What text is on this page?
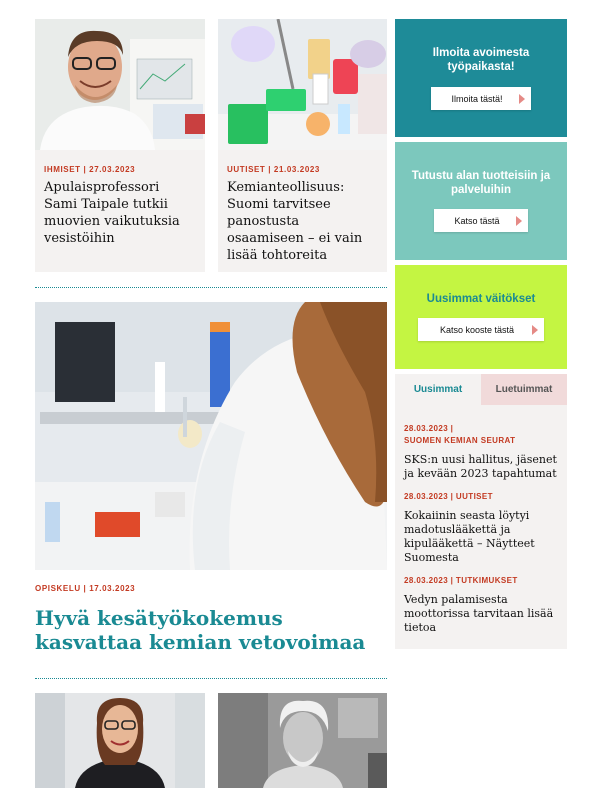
IHMISET | 27.03.2023
Apulaisprofessori Sami Taipale tutkii muovien vaikutuksia vesistöihin
UUTISET | 21.03.2023
Kemianteollisuus: Suomi tarvitsee panostusta osaamiseen – ei vain lisää tohtoreita
OPISKELU | 17.03.2023
Hyvä kesätyökokemus kasvattaa kemian vetovoimaa
Ilmoita avoimesta työpaikasta!
Ilmoita tästä!
Tutustu alan tuotteisiin ja palveluihin
Katso tästä
Uusimmat väitökset
Katso kooste tästä
Uusimmat	Luetuimmat
28.03.2023 |
SUOMEN KEMIAN SEURAT
SKS:n uusi hallitus, jäsenet ja kevään 2023 tapahtumat
28.03.2023 | UUTISET
Kokaiinin seasta löytyi madotuslääkettä ja kipulääkettä – Näytteet Suomesta
28.03.2023 | TUTKIMUKSET
Vedyn palamisesta moottorissa tarvitaan lisää tietoa
